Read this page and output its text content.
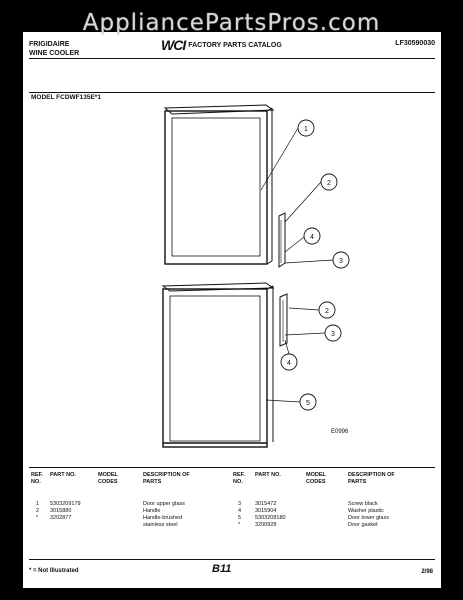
AppliancePartsPros.com
FRIGIDAIRE
WINE COOLER
WCI FACTORY PARTS CATALOG	LF30590030
MODEL FCDWF135E*1
1
2
4
3
2
3
4
5
E0996
REF. NO.
PART NO.	MODEL CODES
DESCRIPTION OF PARTS
REF. NO.
PART NO.	MODEL CODES
DESCRIPTION OF PARTS
1 5303209179	Door upper glass
2 3015880	Handle
* 3202877	Handle-brushed
stainless steel
3	3015472	Screw black
4	3015904	Washer plastic
5	5303208180	Door lower glass
*	3200928	Door gasket
* = Not Illustrated	B11	2/98
